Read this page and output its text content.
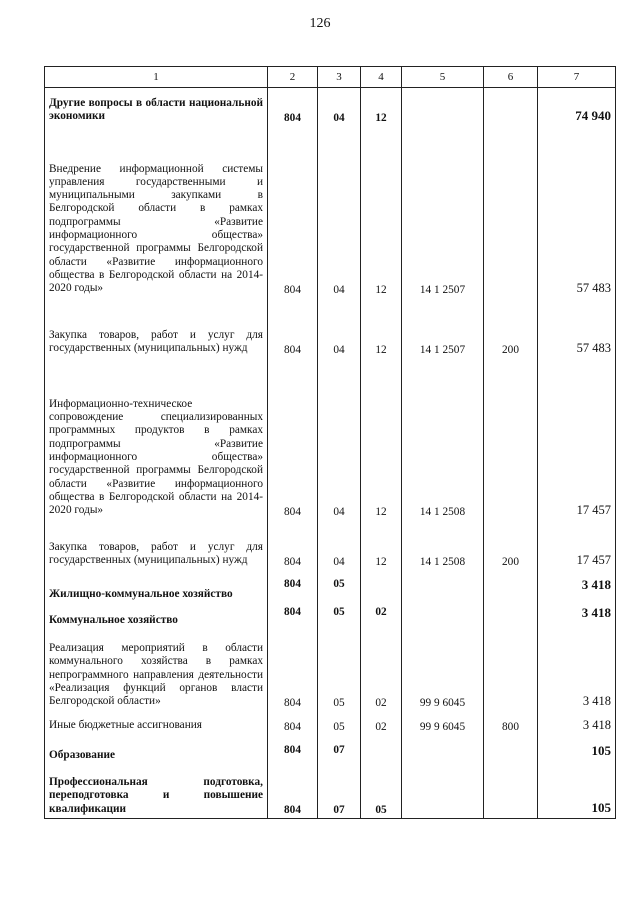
126
1	2	3	4	5	6	7
Другие вопросы в области национальной экономики	804	04	12			74 940
Внедрение информационной системы управления государственными и муниципальными закупками в Белгородской области в рамках подпрограммы «Развитие информационного общества» государственной программы Белгородской области «Развитие информационного общества в Белгородской области на 2014-2020 годы»	804	04	12	14 1 2507		57 483
Закупка товаров, работ и услуг для государственных (муниципальных) нужд	804	04	12	14 1 2507	200	57 483
Информационно-техническое сопровождение специализированных программных продуктов в рамках подпрограммы «Развитие информационного общества» государственной программы Белгородской области «Развитие информационного общества в Белгородской области на 2014-2020 годы»	804	04	12	14 1 2508		17 457
Закупка товаров, работ и услуг для государственных (муниципальных) нужд	804	04	12	14 1 2508	200	17 457
Жилищно-коммунальное хозяйство	804	05				3 418
Коммунальное хозяйство	804	05	02			3 418
Реализация мероприятий в области коммунального хозяйства в рамках непрограммного направления деятельности «Реализация функций органов власти Белгородской области»	804	05	02	99 9 6045		3 418
Иные бюджетные ассигнования	804	05	02	99 9 6045	800	3 418
Образование	804	07				105
Профессиональная подготовка, переподготовка и повышение квалификации	804	07	05			105
